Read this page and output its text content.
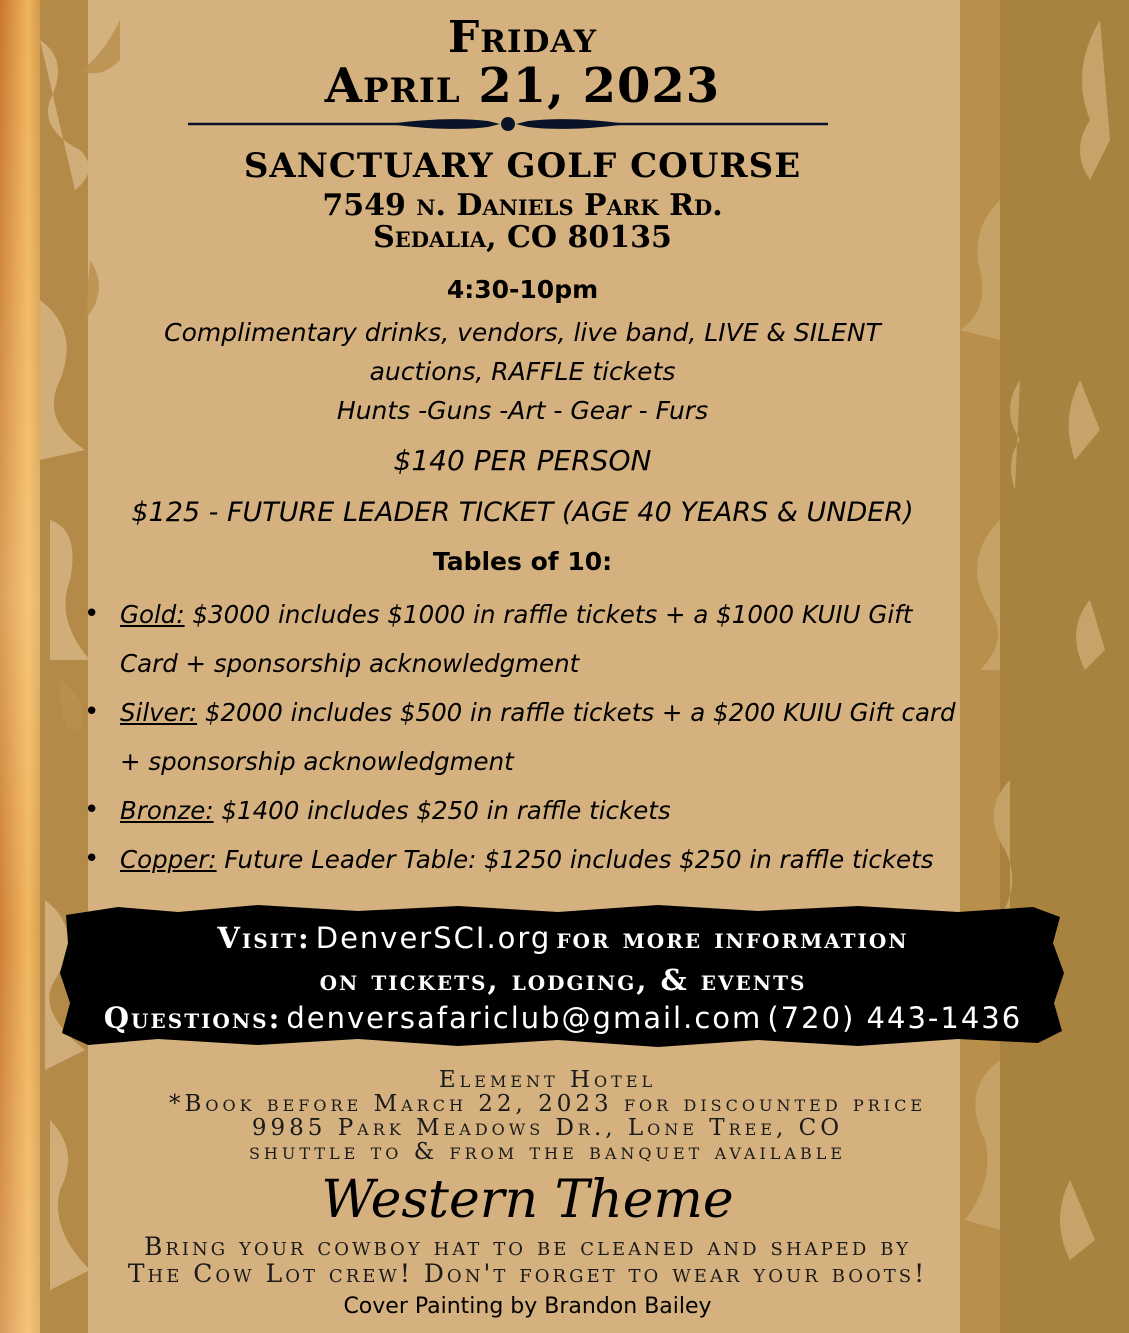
Friday

April 21, 2023

SANCTUARY GOLF COURSE

7549 n. Daniels Park Rd.

Sedalia, CO 80135

4:30-10pm

Complimentary drinks, vendors, live band, LIVE & SILENT

auctions, RAFFLE tickets

Hunts -Guns -Art - Gear - Furs

$140 PER PERSON

$125 - FUTURE LEADER TICKET (AGE 40 YEARS & UNDER)

Tables of 10:

• Gold: $3000 includes $1000 in raffle tickets + a $1000 KUIU Gift
Card + sponsorship acknowledgment
• Silver: $2000 includes $500 in raffle tickets + a $200 KUIU Gift card
+ sponsorship acknowledgment
• Bronze: $1400 includes $250 in raffle tickets
• Copper: Future Leader Table: $1250 includes $250 in raffle tickets

Visit: DenverSCI.org for more information

on tickets, lodging, & events

Questions: denversafariclub@gmail.com (720) 443-1436

Element Hotel

*Book before March 22, 2023 for discounted price

9985 Park Meadows Dr., Lone Tree, CO

shuttle to & from the banquet available

Western Theme

Bring your cowboy hat to be cleaned and shaped by

The Cow Lot crew! Don't forget to wear your boots!

Cover Painting by Brandon Bailey
